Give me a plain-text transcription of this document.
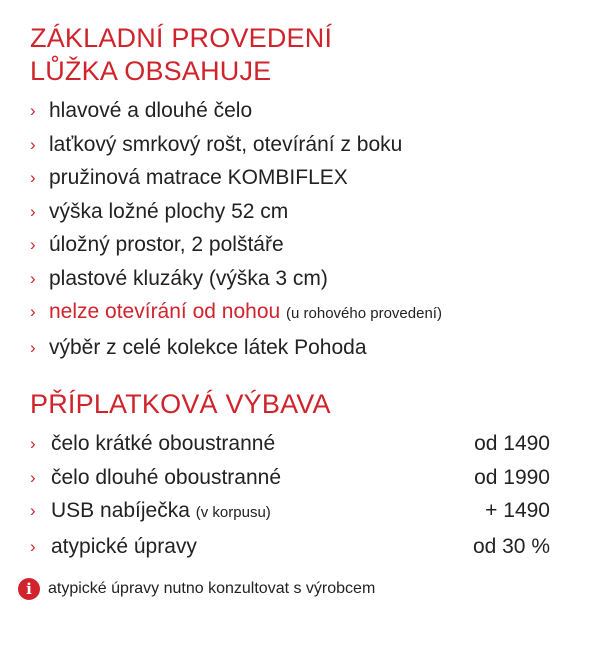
ZÁKLADNÍ PROVEDENÍ
LŮŽKA OBSAHUJE
› hlavové a dlouhé čelo
› laťkový smrkový rošt, otevírání z boku
› pružinová matrace KOMBIFLEX
› výška ložné plochy 52 cm
› úložný prostor, 2 polštáře
› plastové kluzáky (výška 3 cm)
› nelze otevírání od nohou (u rohového provedení)
› výběr z celé kolekce látek Pohoda
PŘÍPLATKOVÁ VÝBAVA
› čelo krátké oboustranné	od 1490
› čelo dlouhé oboustranné	od 1990
› USB nabíječka (v korpusu)	+ 1490
› atypické úpravy	od 30 %
i	atypické úpravy nutno konzultovat s výrobcem
